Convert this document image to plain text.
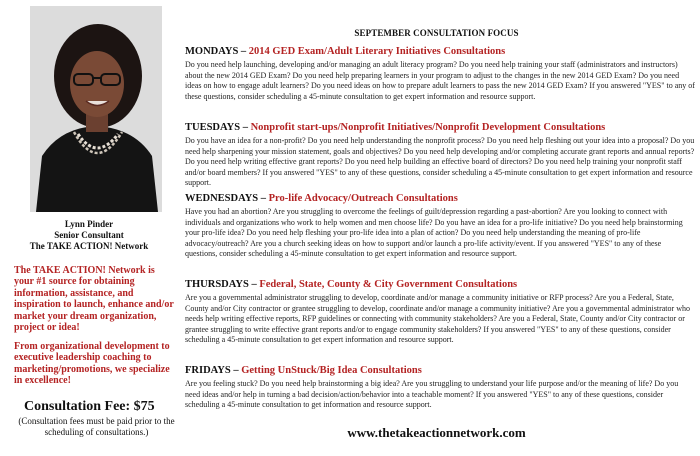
Lynn Pinder
Senior Consultant
The TAKE ACTION! Network
The TAKE ACTION! Network is your #1 source for obtaining information, assistance, and inspiration to launch, enhance and/or market your dream organization, project or idea!
From organizational development to executive leadership coaching to marketing/promotions, we specialize in excellence!
Consultation Fee: $75
(Consultation fees must be paid prior to the scheduling of consultations.)
SEPTEMBER CONSULTATION FOCUS
MONDAYS – 2014 GED Exam/Adult Literary Initiatives Consultations
Do you need help launching, developing and/or managing an adult literacy program? Do you need help training your staff (administrators and instructors) about the new 2014 GED Exam? Do you need help preparing learners in your program to adjust to the changes in the new 2014 GED Exam? Do you need ideas on how to engage adult learners? Do you need ideas on how to prepare adult learners to pass the new 2014 GED Exam? If you answered "YES" to any of these questions, consider scheduling a 45-minute consultation to get expert information and resource support.
TUESDAYS – Nonprofit start-ups/Nonprofit Initiatives/Nonprofit Development Consultations
Do you have an idea for a non-profit? Do you need help understanding the nonprofit process? Do you need help fleshing out your idea into a proposal? Do you need help sharpening your mission statement, goals and objectives? Do you need help developing and/or completing accurate grant reports and annual reports? Do you need help writing effective grant reports? Do you need help building an effective board of directors? Do you need help training your nonprofit staff and/or board members? If you answered "YES" to any of these questions, consider scheduling a 45-minute consultation to get expert information and resource support.
WEDNESDAYS – Pro-life Advocacy/Outreach Consultations
Have you had an abortion? Are you struggling to overcome the feelings of guilt/depression regarding a past-abortion? Are you looking to connect with individuals and organizations who work to help women and men choose life? Do you have an idea for a pro-life initiative? Do you need help brainstorming your pro-life idea? Do you need help fleshing your pro-life idea into a plan of action? Do you need help understanding the meaning of pro-life advocacy/outreach? Are you a church seeking ideas on how to support and/or launch a pro-life activity/event. If you answered "YES" to any of these questions, consider scheduling a 45-minute consultation to get expert information and resource support.
THURSDAYS – Federal, State, County & City Government Consultations
Are you a governmental administrator struggling to develop, coordinate and/or manage a community initiative or RFP process? Are you a Federal, State, County and/or City contractor or grantee struggling to develop, coordinate and/or manage a community initiative? Are you a governmental administrator who needs help writing effective reports, RFP guidelines or connecting with community stakeholders? Are you a Federal, State, County and/or City contractor or grantee struggling to write effective grant reports and/or to engage community stakeholders? If you answered "YES" to any of these questions, consider scheduling a 45-minute consultation to get expert information and resource support.
FRIDAYS – Getting UnStuck/Big Idea Consultations
Are you feeling stuck? Do you need help brainstorming a big idea? Are you struggling to understand your life purpose and/or the meaning of life? Do you need ideas and/or help in turning a bad decision/action/behavior into a teachable moment? If you answered "YES" to any of these questions, consider scheduling a 45-minute consultation to get information and resource support.
www.thetakeactionnetwork.com
